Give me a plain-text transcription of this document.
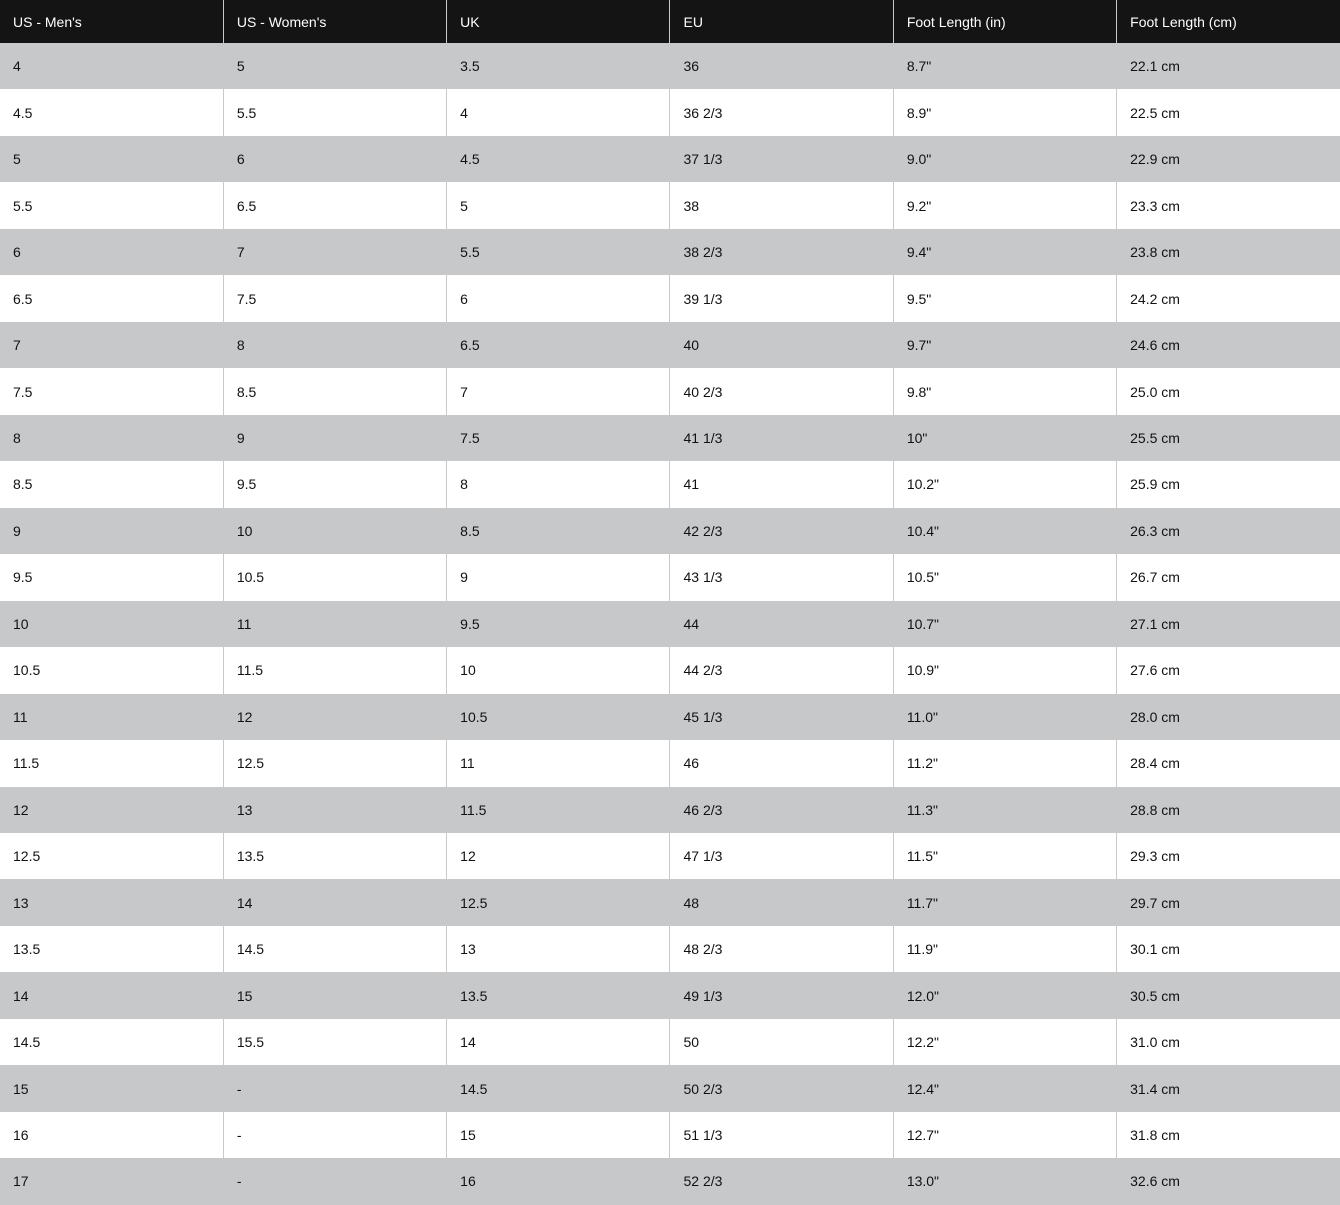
US - Men's	US - Women's	UK	EU	Foot Length (in)	Foot Length (cm)
4	5	3.5	36	8.7"	22.1 cm
4.5	5.5	4	36 2/3	8.9"	22.5 cm
5	6	4.5	37 1/3	9.0"	22.9 cm
5.5	6.5	5	38	9.2"	23.3 cm
6	7	5.5	38 2/3	9.4"	23.8 cm
6.5	7.5	6	39 1/3	9.5"	24.2 cm
7	8	6.5	40	9.7"	24.6 cm
7.5	8.5	7	40 2/3	9.8"	25.0 cm
8	9	7.5	41 1/3	10"	25.5 cm
8.5	9.5	8	41	10.2"	25.9 cm
9	10	8.5	42 2/3	10.4"	26.3 cm
9.5	10.5	9	43 1/3	10.5"	26.7 cm
10	11	9.5	44	10.7"	27.1 cm
10.5	11.5	10	44 2/3	10.9"	27.6 cm
11	12	10.5	45 1/3	11.0"	28.0 cm
11.5	12.5	11	46	11.2"	28.4 cm
12	13	11.5	46 2/3	11.3"	28.8 cm
12.5	13.5	12	47 1/3	11.5"	29.3 cm
13	14	12.5	48	11.7"	29.7 cm
13.5	14.5	13	48 2/3	11.9"	30.1 cm
14	15	13.5	49 1/3	12.0"	30.5 cm
14.5	15.5	14	50	12.2"	31.0 cm
15	-	14.5	50 2/3	12.4"	31.4 cm
16	-	15	51 1/3	12.7"	31.8 cm
17	-	16	52 2/3	13.0"	32.6 cm
